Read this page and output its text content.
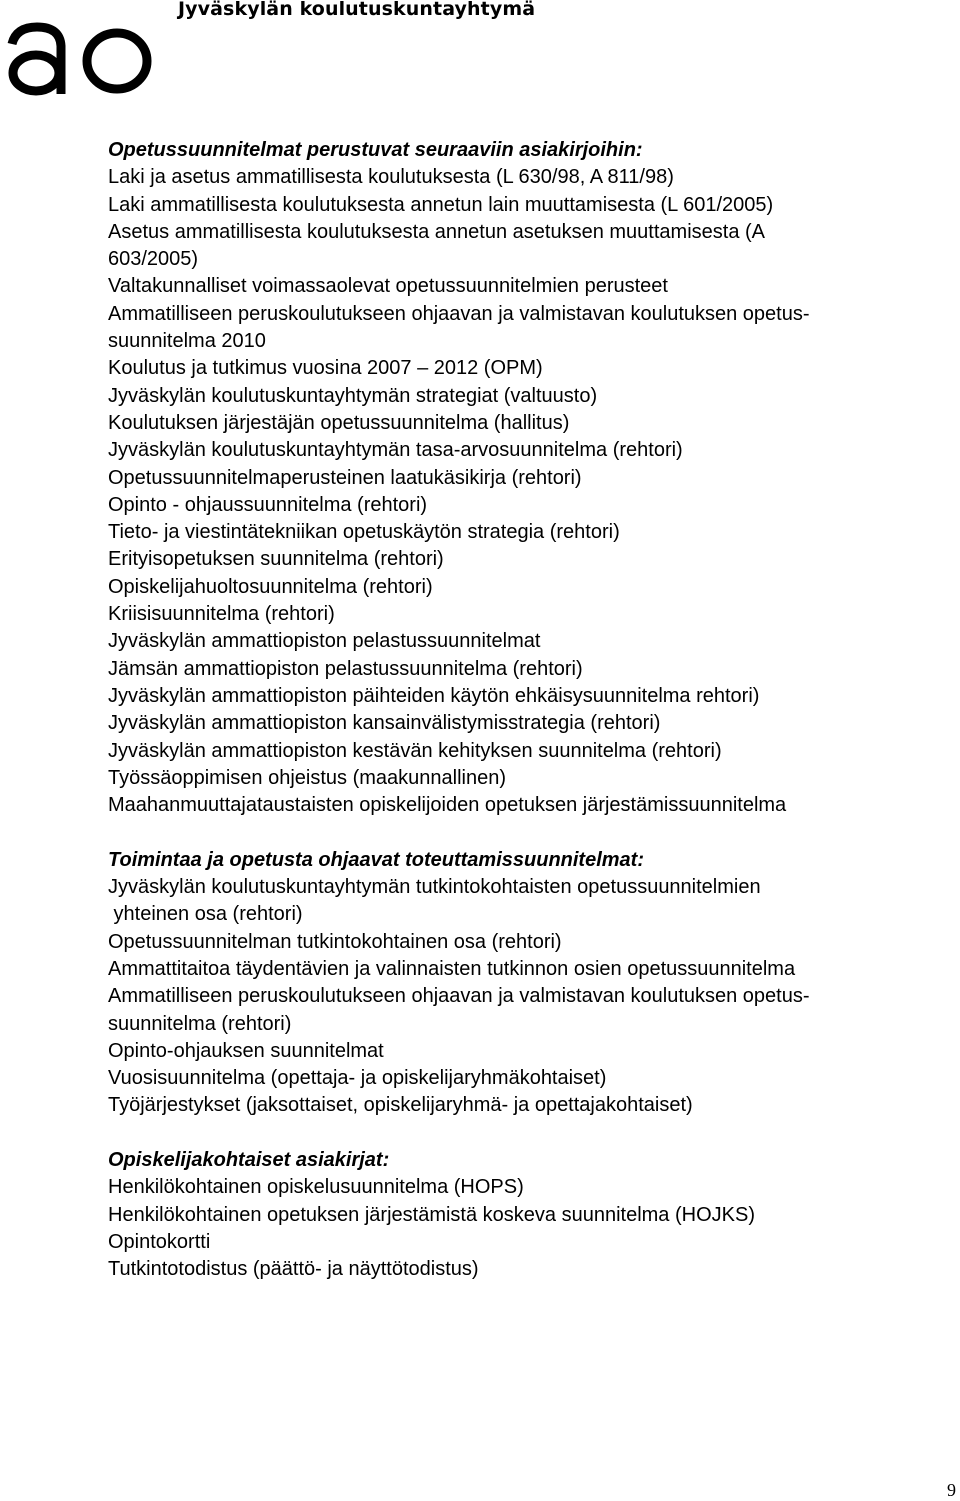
Jyväskylän koulutuskuntayhtymä

Opetussuunnitelmat perustuvat seuraaviin asiakirjoihin:

Laki ja asetus ammatillisesta koulutuksesta (L 630/98, A 811/98)
Laki ammatillisesta koulutuksesta annetun lain muuttamisesta (L 601/2005)
Asetus ammatillisesta koulutuksesta annetun asetuksen muuttamisesta (A
603/2005)
Valtakunnalliset voimassaolevat opetussuunnitelmien perusteet
Ammatilliseen peruskoulutukseen ohjaavan ja valmistavan koulutuksen opetus-
suunnitelma 2010
Koulutus ja tutkimus vuosina 2007 – 2012 (OPM)
Jyväskylän koulutuskuntayhtymän strategiat (valtuusto)
Koulutuksen järjestäjän opetussuunnitelma (hallitus)
Jyväskylän koulutuskuntayhtymän tasa-arvosuunnitelma (rehtori)
Opetussuunnitelmaperusteinen laatukäsikirja (rehtori)
Opinto - ohjaussuunnitelma (rehtori)
Tieto- ja viestintätekniikan opetuskäytön strategia (rehtori)
Erityisopetuksen suunnitelma (rehtori)
Opiskelijahuoltosuunnitelma (rehtori)
Kriisisuunnitelma (rehtori)
Jyväskylän ammattiopiston pelastussuunnitelmat
Jämsän ammattiopiston pelastussuunnitelma (rehtori)
Jyväskylän ammattiopiston päihteiden käytön ehkäisysuunnitelma rehtori)
Jyväskylän ammattiopiston kansainvälistymisstrategia (rehtori)
Jyväskylän ammattiopiston kestävän kehityksen suunnitelma (rehtori)
Työssäoppimisen ohjeistus (maakunnallinen)
Maahanmuuttajataustaisten opiskelijoiden opetuksen järjestämissuunnitelma

Toimintaa ja opetusta ohjaavat toteuttamissuunnitelmat:

Jyväskylän koulutuskuntayhtymän tutkintokohtaisten opetussuunnitelmien
yhteinen osa (rehtori)
Opetussuunnitelman tutkintokohtainen osa (rehtori)
Ammattitaitoa täydentävien ja valinnaisten tutkinnon osien opetussuunnitelma
Ammatilliseen peruskoulutukseen ohjaavan ja valmistavan koulutuksen opetus-
suunnitelma (rehtori)
Opinto-ohjauksen suunnitelmat
Vuosisuunnitelma (opettaja- ja opiskelijaryhmäkohtaiset)
Työjärjestykset (jaksottaiset, opiskelijaryhmä- ja opettajakohtaiset)

Opiskelijakohtaiset asiakirjat:

Henkilökohtainen opiskelusuunnitelma (HOPS)
Henkilökohtainen opetuksen järjestämistä koskeva suunnitelma (HOJKS)
Opintokortti
Tutkintotodistus (päättö- ja näyttötodistus)
9
